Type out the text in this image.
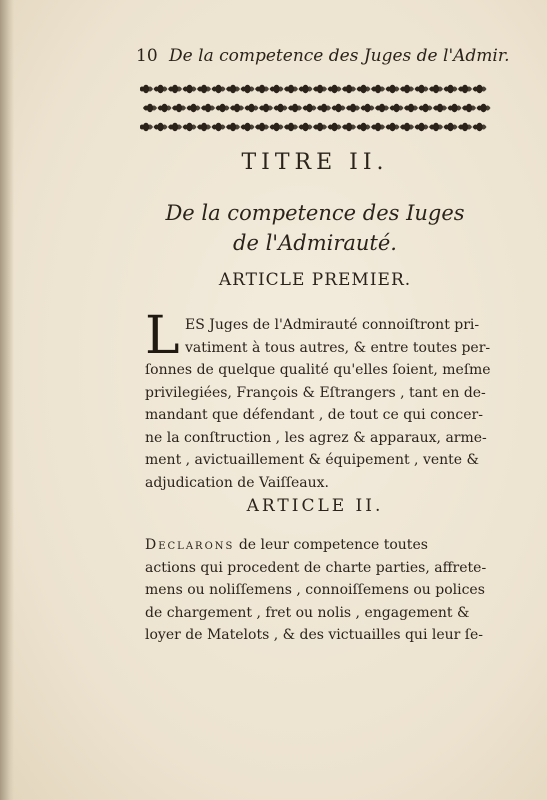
10 De la competence des Juges de l'Admir.
TITRE II.
De la competence des Iuges
de l'Admirauté.
ARTICLE PREMIER.
L ES Juges de l'Admirauté connoiſtront pri-
vatiment à tous autres, & entre toutes per-
ſonnes de quelque qualité qu'elles ſoient, meſme
privilegiées, François & Eſtrangers , tant en de-
mandant que défendant , de tout ce qui concer-
ne la conſtruction , les agrez & apparaux, arme-
ment , avictuaillement & équipement , vente &
adjudication de Vaiſſeaux.
ARTICLE II.
Declarons de leur competence toutes
actions qui procedent de charte parties, affrete-
mens ou noliſſemens , connoiſſemens ou polices
de chargement , fret ou nolis , engagement &
loyer de Matelots , & des victuailles qui leur ſe-
